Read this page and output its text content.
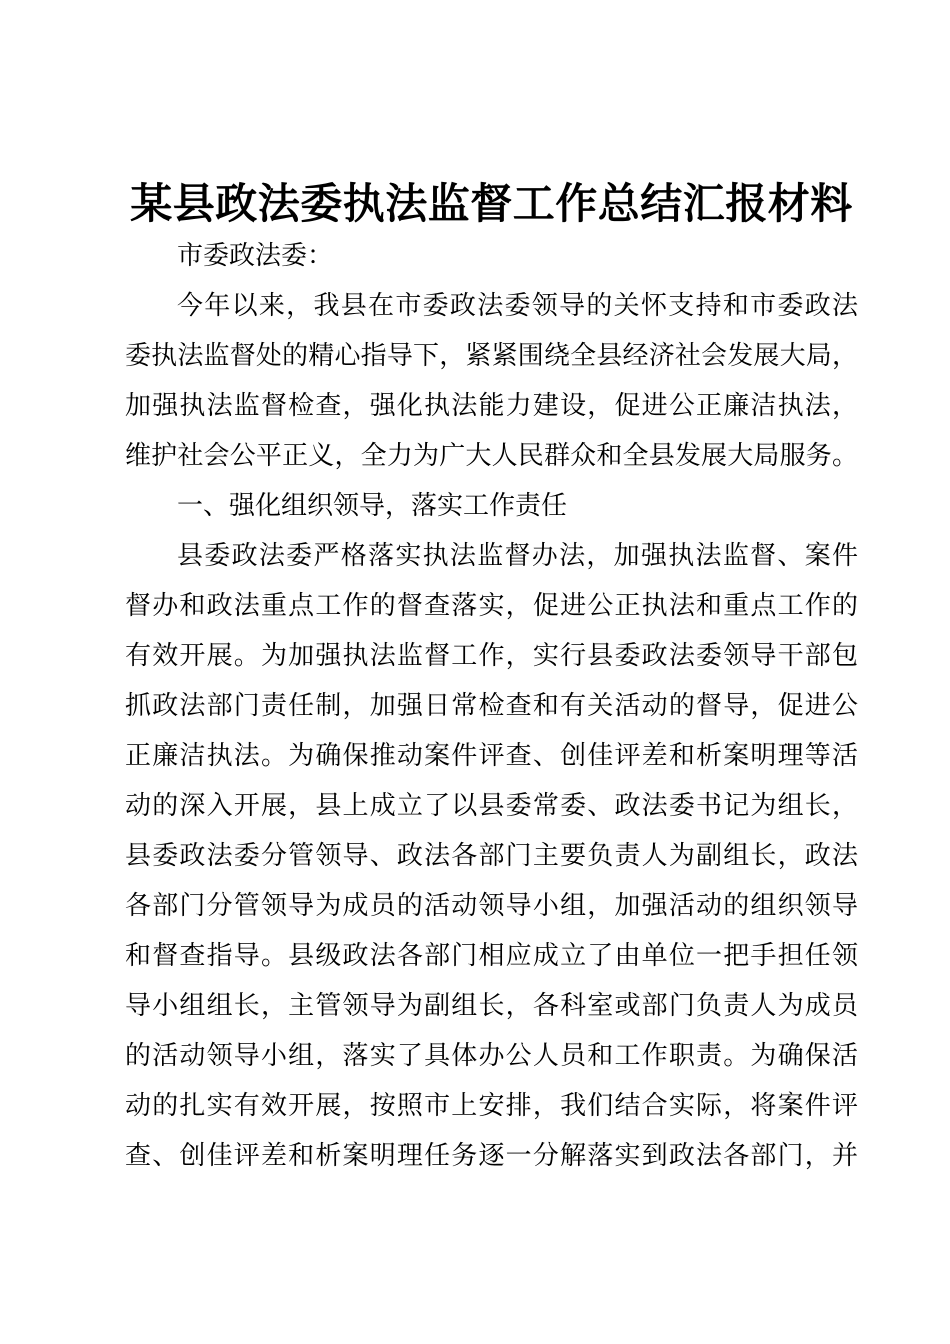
某县政法委执法监督工作总结汇报材料
市委政法委：
今年以来，我县在市委政法委领导的关怀支持和市委政法
委执法监督处的精心指导下，紧紧围绕全县经济社会发展大局，
加强执法监督检查，强化执法能力建设，促进公正廉洁执法，
维护社会公平正义，全力为广大人民群众和全县发展大局服务。
一、强化组织领导，落实工作责任
县委政法委严格落实执法监督办法，加强执法监督、案件
督办和政法重点工作的督查落实，促进公正执法和重点工作的
有效开展。为加强执法监督工作，实行县委政法委领导干部包
抓政法部门责任制，加强日常检查和有关活动的督导，促进公
正廉洁执法。为确保推动案件评查、创佳评差和析案明理等活
动的深入开展，县上成立了以县委常委、政法委书记为组长，
县委政法委分管领导、政法各部门主要负责人为副组长，政法
各部门分管领导为成员的活动领导小组，加强活动的组织领导
和督查指导。县级政法各部门相应成立了由单位一把手担任领
导小组组长，主管领导为副组长，各科室或部门负责人为成员
的活动领导小组，落实了具体办公人员和工作职责。为确保活
动的扎实有效开展，按照市上安排，我们结合实际，将案件评
查、创佳评差和析案明理任务逐一分解落实到政法各部门，并
